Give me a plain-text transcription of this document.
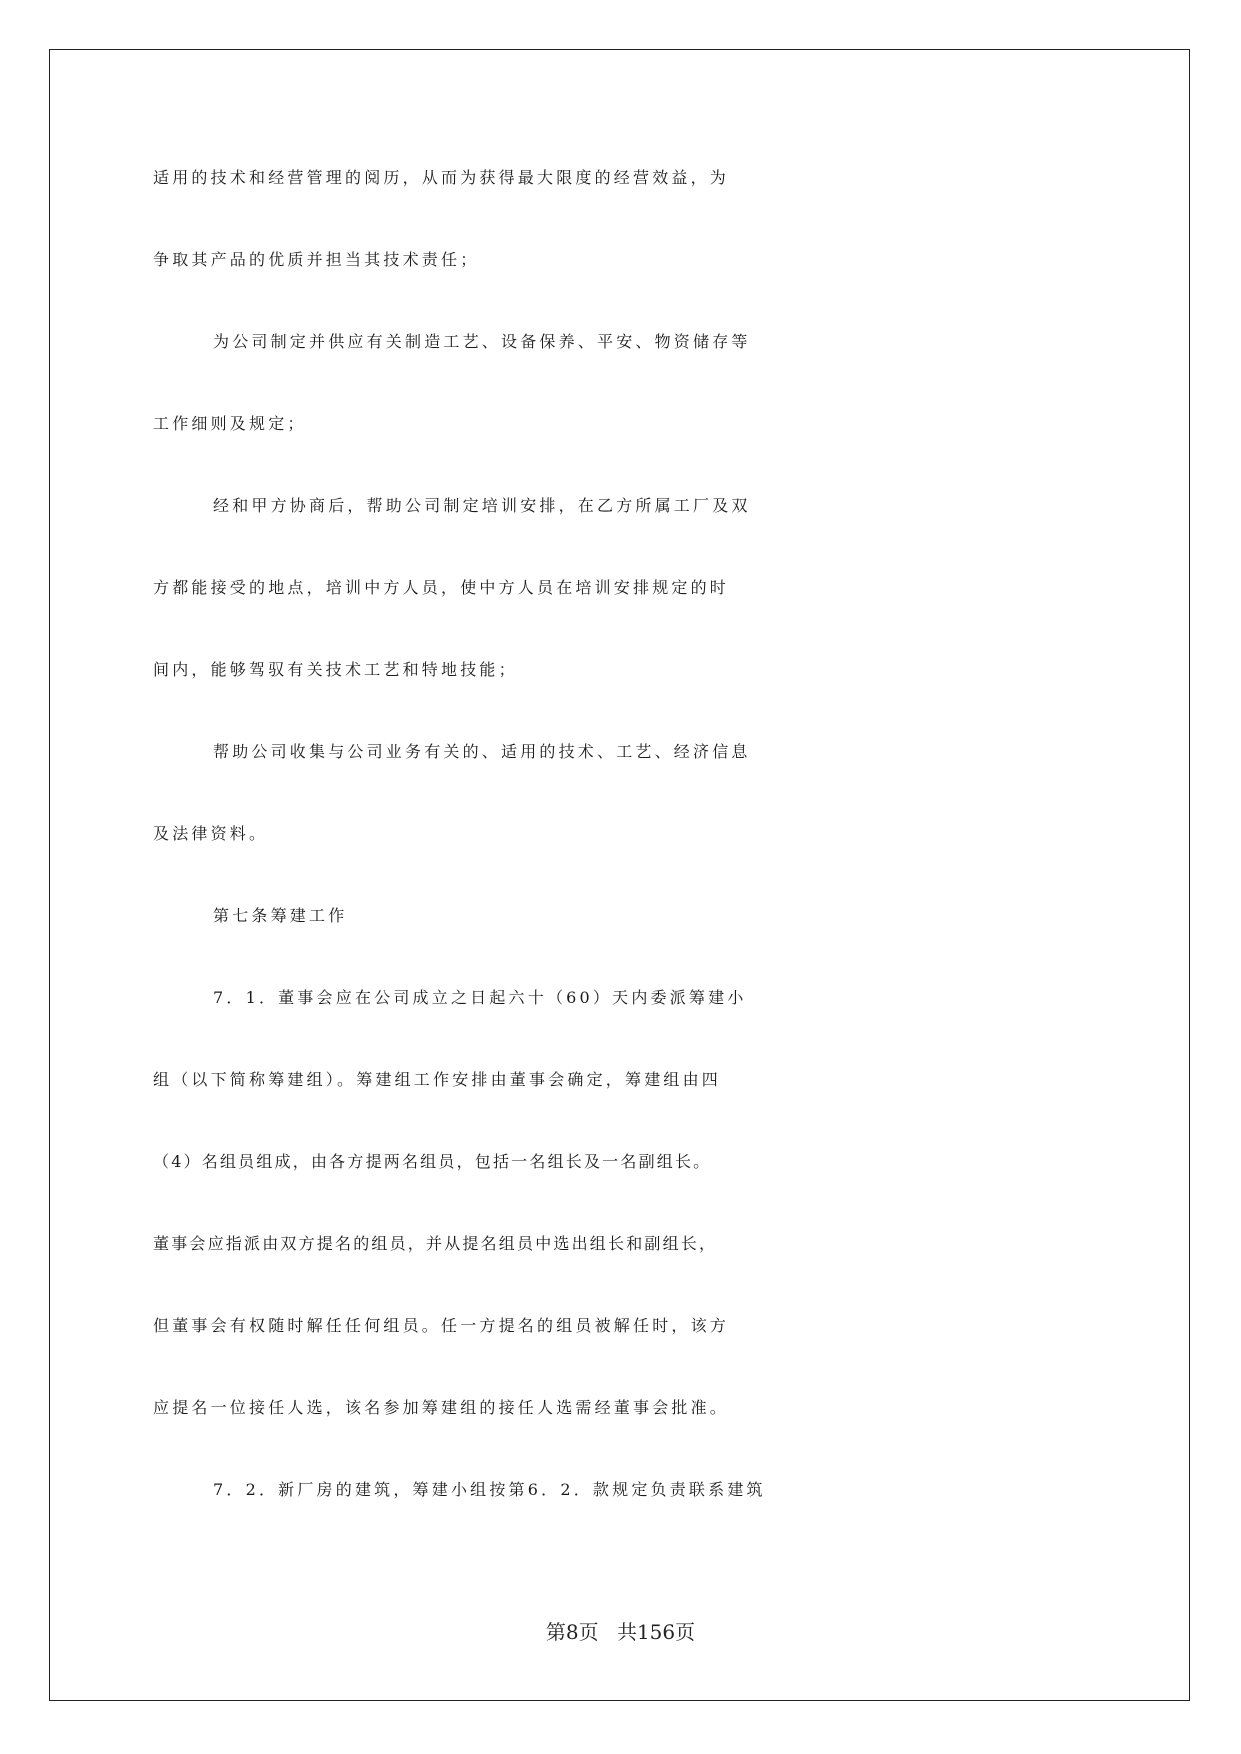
适用的技术和经营管理的阅历，从而为获得最大限度的经营效益，为
争取其产品的优质并担当其技术责任；
为公司制定并供应有关制造工艺、设备保养、平安、物资储存等
工作细则及规定；
经和甲方协商后，帮助公司制定培训安排，在乙方所属工厂及双
方都能接受的地点，培训中方人员，使中方人员在培训安排规定的时
间内，能够驾驭有关技术工艺和特地技能；
帮助公司收集与公司业务有关的、适用的技术、工艺、经济信息
及法律资料。
第七条筹建工作
7．1．董事会应在公司成立之日起六十（60）天内委派筹建小
组（以下简称筹建组）。筹建组工作安排由董事会确定，筹建组由四
（4）名组员组成，由各方提两名组员，包括一名组长及一名副组长。
董事会应指派由双方提名的组员，并从提名组员中选出组长和副组长，
但董事会有权随时解任任何组员。任一方提名的组员被解任时，该方
应提名一位接任人选，该名参加筹建组的接任人选需经董事会批准。
7．2．新厂房的建筑，筹建小组按第6．2．款规定负责联系建筑
第8页 共156页
